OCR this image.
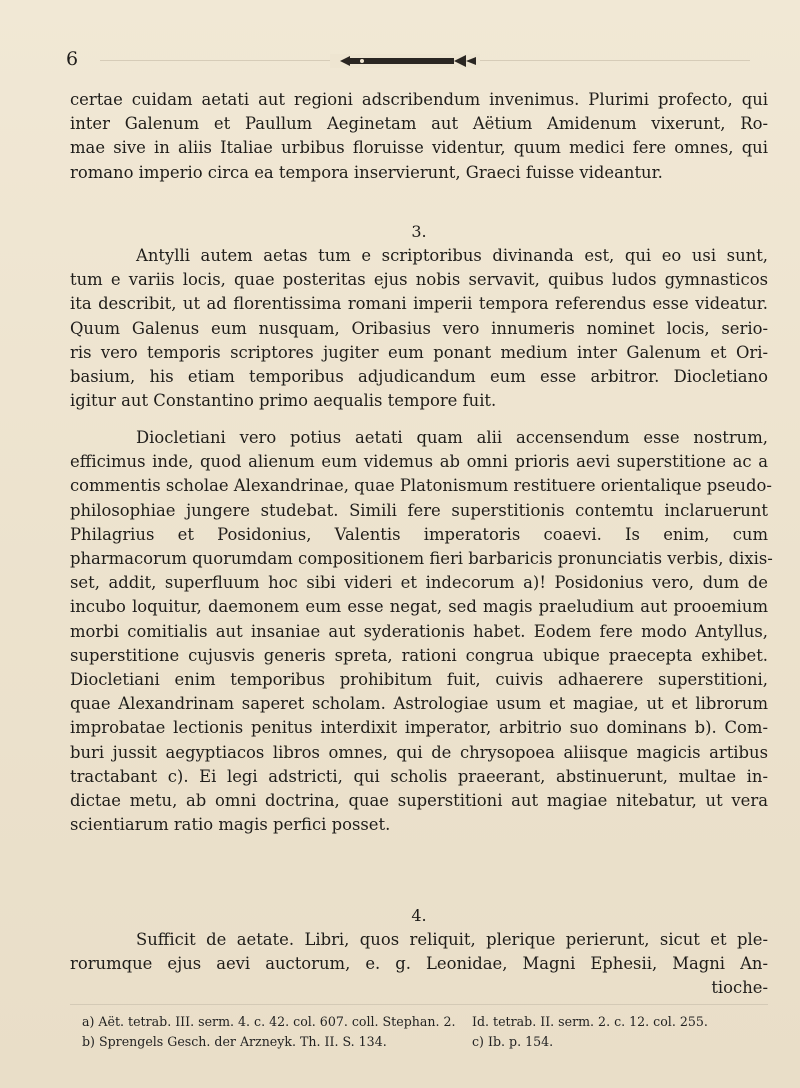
6
certae cuidam aetati aut regioni adscribendum invenimus. Plurimi profecto, qui
inter Galenum et Paullum Aeginetam aut Aëtium Amidenum vixerunt, Ro-
mae sive in aliis Italiae urbibus floruisse videntur, quum medici fere omnes, qui
romano imperio circa ea tempora inservierunt, Graeci fuisse videantur.
3.
Antylli autem aetas tum e scriptoribus divinanda est, qui eo usi sunt,
tum e variis locis, quae posteritas ejus nobis servavit, quibus ludos gymnasticos
ita describit, ut ad florentissima romani imperii tempora referendus esse videatur.
Quum Galenus eum nusquam, Oribasius vero innumeris nominet locis, serio-
ris vero temporis scriptores jugiter eum ponant medium inter Galenum et Ori-
basium, his etiam temporibus adjudicandum eum esse arbitror. Diocletiano
igitur aut Constantino primo aequalis tempore fuit.
Diocletiani vero potius aetati quam alii accensendum esse nostrum,
efficimus inde, quod alienum eum videmus ab omni prioris aevi superstitione ac a
commentis scholae Alexandrinae, quae Platonismum restituere orientalique pseudo-
philosophiae jungere studebat. Simili fere superstitionis contemtu inclaruerunt
Philagrius et Posidonius, Valentis imperatoris coaevi. Is enim, cum
pharmacorum quorumdam compositionem fieri barbaricis pronunciatis verbis, dixis-
set, addit, superfluum hoc sibi videri et indecorum a)! Posidonius vero, dum de
incubo loquitur, daemonem eum esse negat, sed magis praeludium aut prooemium
morbi comitialis aut insaniae aut syderationis habet. Eodem fere modo Antyllus,
superstitione cujusvis generis spreta, rationi congrua ubique praecepta exhibet.
Diocletiani enim temporibus prohibitum fuit, cuivis adhaerere superstitioni,
quae Alexandrinam saperet scholam. Astrologiae usum et magiae, ut et librorum
improbatae lectionis penitus interdixit imperator, arbitrio suo dominans b). Com-
buri jussit aegyptiacos libros omnes, qui de chrysopoea aliisque magicis artibus
tractabant c). Ei legi adstricti, qui scholis praeerant, abstinuerunt, multae in-
dictae metu, ab omni doctrina, quae superstitioni aut magiae nitebatur, ut vera
scientiarum ratio magis perfici posset.
4.
Sufficit de aetate. Libri, quos reliquit, plerique perierunt, sicut et ple-
rorumque ejus aevi auctorum, e. g. Leonidae, Magni Ephesii, Magni An-
tioche-
a) Aët. tetrab. III. serm. 4. c. 42. col. 607. coll. Stephan. 2.	Id. tetrab. II. serm. 2. c. 12. col. 255.
b) Sprengels Gesch. der Arzneyk. Th. II. S. 134.	c) Ib. p. 154.
